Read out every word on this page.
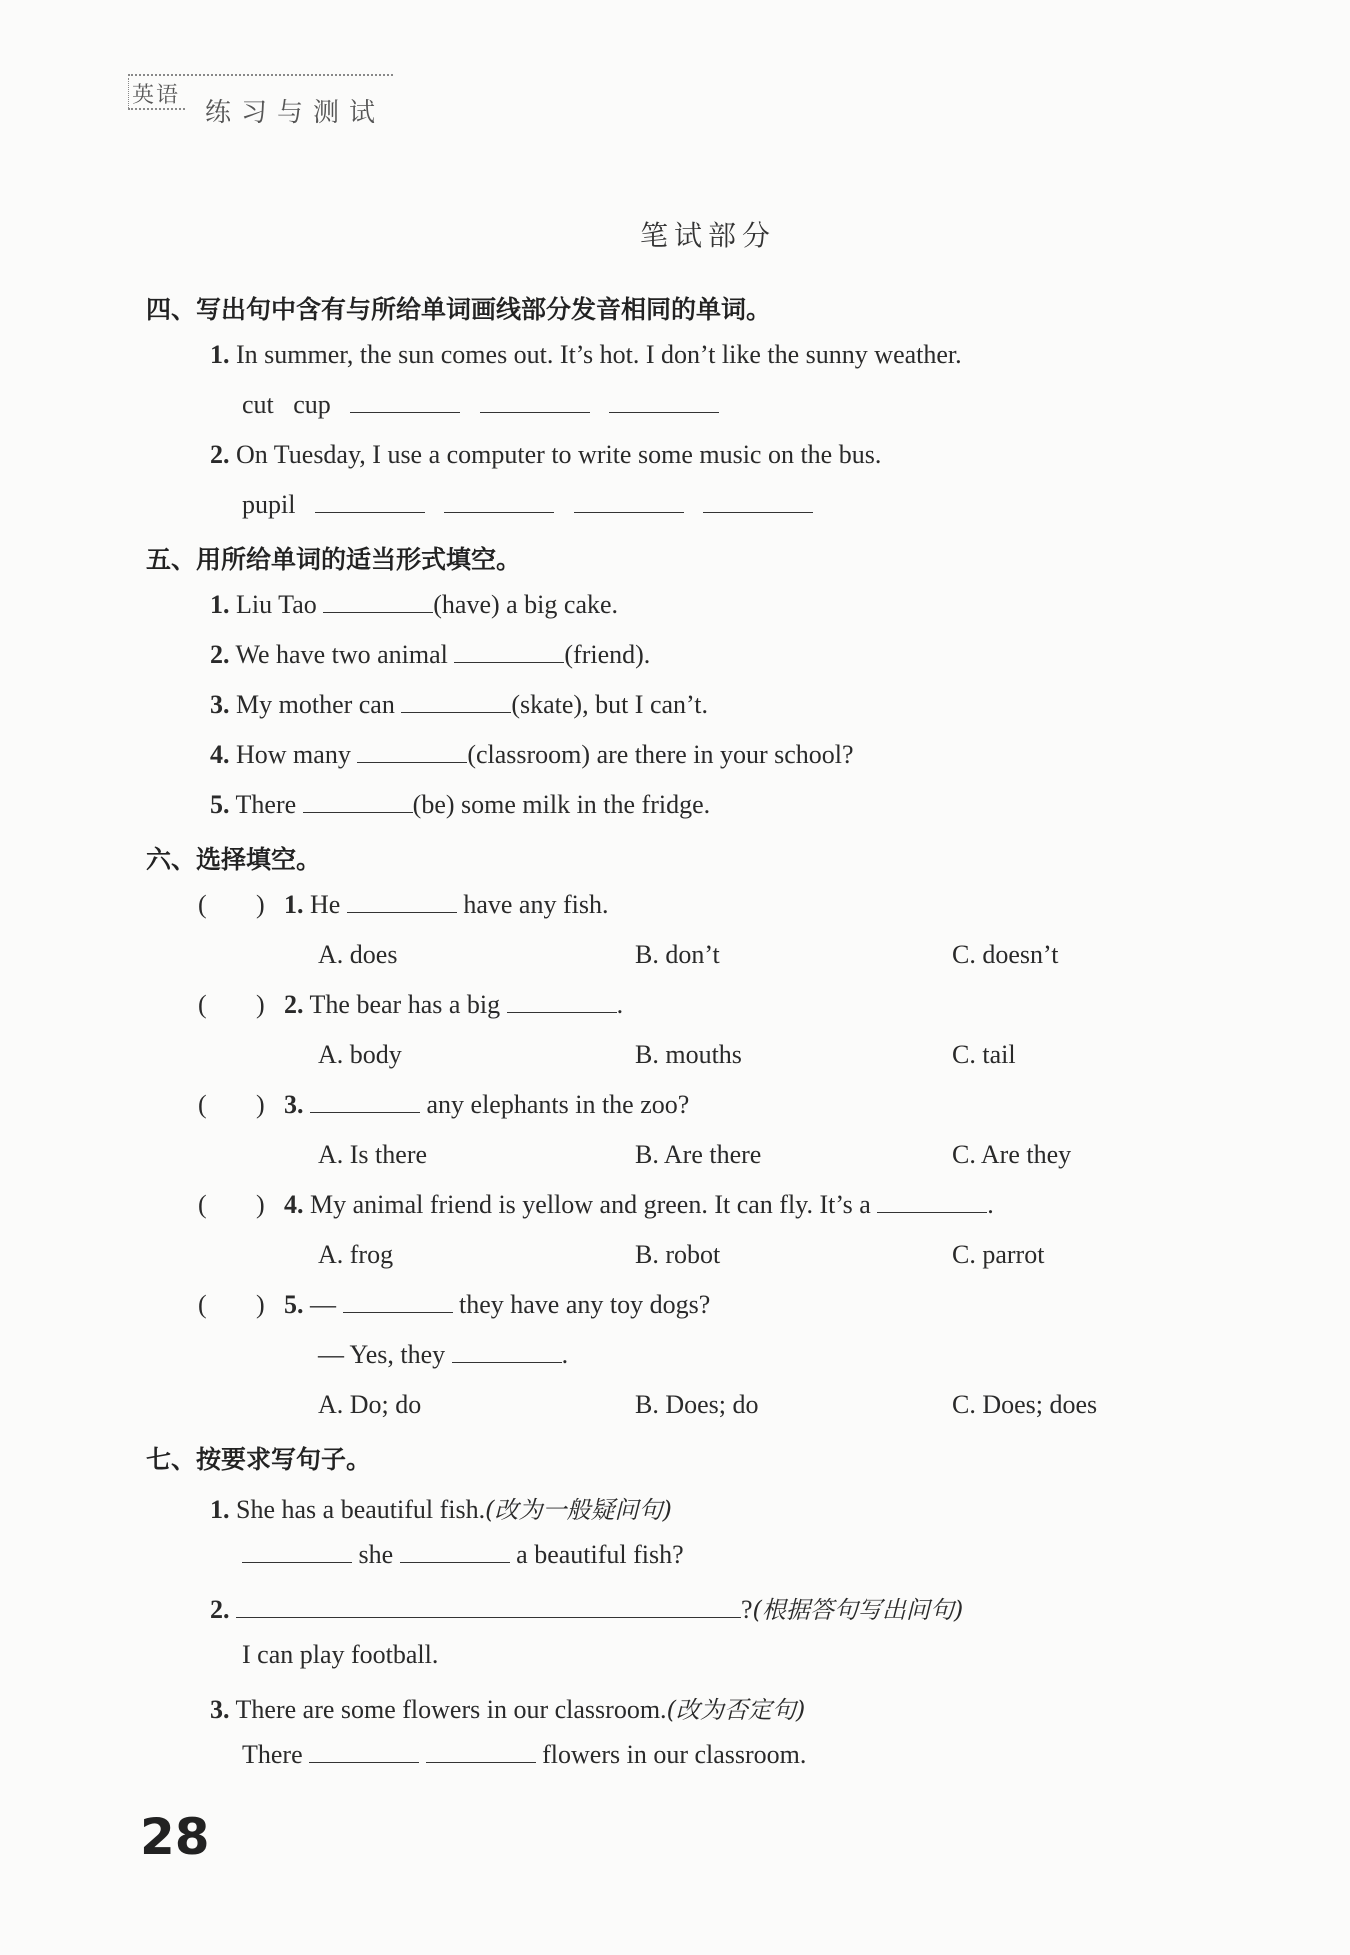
英语
练习与测试
笔试部分
四、写出句中含有与所给单词画线部分发音相同的单词。
1. In summer, the sun comes out. It’s hot. I don’t like the sunny weather.
cut cup
2. On Tuesday, I use a computer to write some music on the bus.
pupil
五、用所给单词的适当形式填空。
1. Liu Tao	(have) a big cake.
2. We have two animal	(friend).
3. My mother can	(skate), but I can’t.
4. How many	(classroom) are there in your school?
5. There	(be) some milk in the fridge.
六、选择填空。
( ) 1. He	have any fish.
A. does	B. don’t	C. doesn’t
( ) 2. The bear has a big	.
A. body	B. mouths	C. tail
( ) 3.	any elephants in the zoo?
A. Is there	B. Are there	C. Are they
( ) 4. My animal friend is yellow and green. It can fly. It’s a	.
A. frog	B. robot	C. parrot
( ) 5. —	they have any toy dogs?
— Yes, they	.
A. Do; do	B. Does; do	C. Does; does
七、按要求写句子。
1. She has a beautiful fish.(改为一般疑问句)
she	a beautiful fish?
2.	?(根据答句写出问句)
I can play football.
3. There are some flowers in our classroom.(改为否定句)
There	flowers in our classroom.
28
